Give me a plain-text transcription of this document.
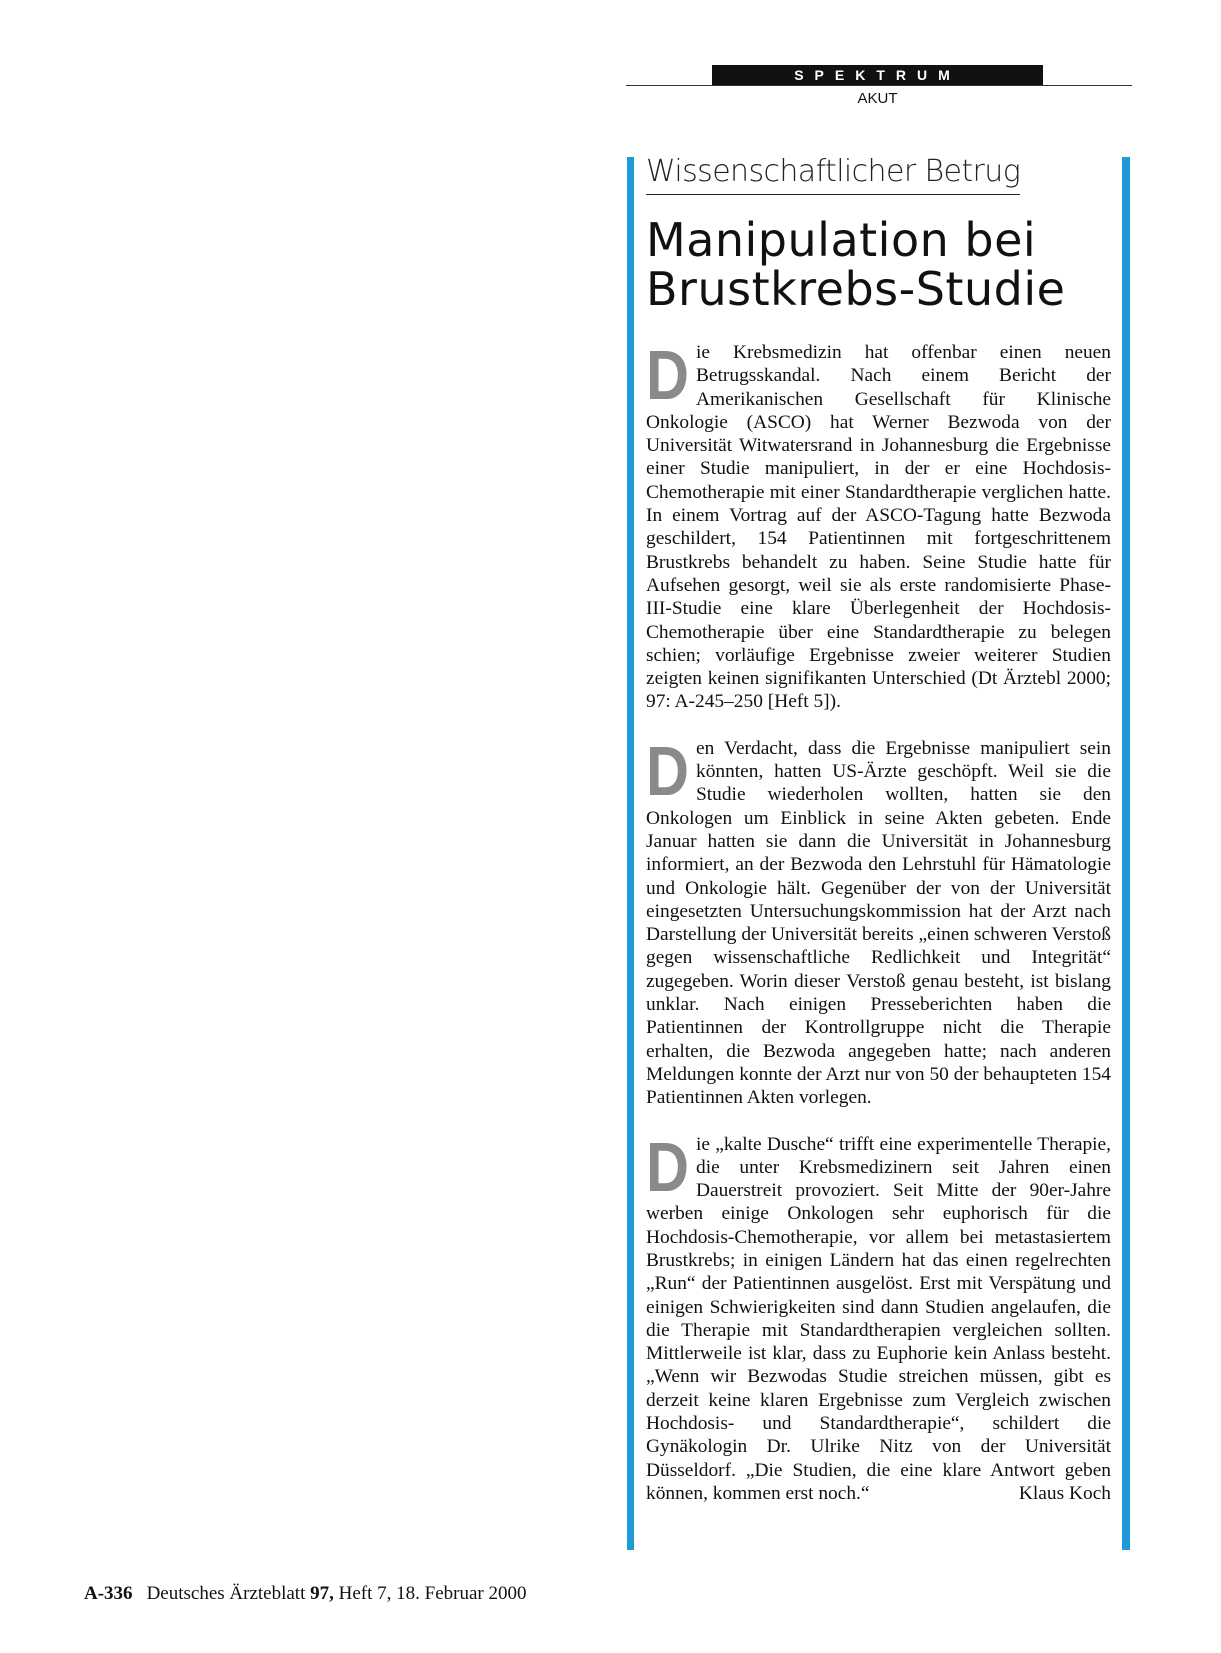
SPEKTRUM
AKUT
Wissenschaftlicher Betrug
Manipulation bei
Brustkrebs-Studie

Die Krebsmedizin hat offenbar einen neuen Betrugsskandal. Nach einem Bericht der Amerikanischen Gesellschaft für Klinische Onkologie (ASCO) hat Werner Bezwoda von der Universität Witwatersrand in Johannesburg die Ergebnisse einer Studie manipuliert, in der er eine Hochdosis-Chemotherapie mit einer Standardtherapie verglichen hatte. In einem Vortrag auf der ASCO-Tagung hatte Bezwoda geschildert, 154 Patientinnen mit fortgeschrittenem Brustkrebs behandelt zu haben. Seine Studie hatte für Aufsehen gesorgt, weil sie als erste randomisierte Phase-III-Studie eine klare Überlegenheit der Hochdosis-Chemotherapie über eine Standardtherapie zu belegen schien; vorläufige Ergebnisse zweier weiterer Studien zeigten keinen signifikanten Unterschied (Dt Ärztebl 2000; 97: A-245–250 [Heft 5]).

Den Verdacht, dass die Ergebnisse manipuliert sein könnten, hatten US-Ärzte geschöpft. Weil sie die Studie wiederholen wollten, hatten sie den Onkologen um Einblick in seine Akten gebeten. Ende Januar hatten sie dann die Universität in Johannesburg informiert, an der Bezwoda den Lehrstuhl für Hämatologie und Onkologie hält. Gegenüber der von der Universität eingesetzten Untersuchungskommission hat der Arzt nach Darstellung der Universität bereits „einen schweren Verstoß gegen wissenschaftliche Redlichkeit und Integrität“ zugegeben. Worin dieser Verstoß genau besteht, ist bislang unklar. Nach einigen Presseberichten haben die Patientinnen der Kontrollgruppe nicht die Therapie erhalten, die Bezwoda angegeben hatte; nach anderen Meldungen konnte der Arzt nur von 50 der behaupteten 154 Patientinnen Akten vorlegen.

Die „kalte Dusche“ trifft eine experimentelle Therapie, die unter Krebsmedizinern seit Jahren einen Dauerstreit provoziert. Seit Mitte der 90er-Jahre werben einige Onkologen sehr euphorisch für die Hochdosis-Chemotherapie, vor allem bei metastasiertem Brustkrebs; in einigen Ländern hat das einen regelrechten „Run“ der Patientinnen ausgelöst. Erst mit Verspätung und einigen Schwierigkeiten sind dann Studien angelaufen, die die Therapie mit Standardtherapien vergleichen sollten. Mittlerweile ist klar, dass zu Euphorie kein Anlass besteht. „Wenn wir Bezwodas Studie streichen müssen, gibt es derzeit keine klaren Ergebnisse zum Vergleich zwischen Hochdosis- und Standardtherapie“, schildert die Gynäkologin Dr. Ulrike Nitz von der Universität Düsseldorf. „Die Studien, die eine klare Antwort geben können, kommen erst noch.“	Klaus Koch

A-336 Deutsches Ärzteblatt 97, Heft 7, 18. Februar 2000
